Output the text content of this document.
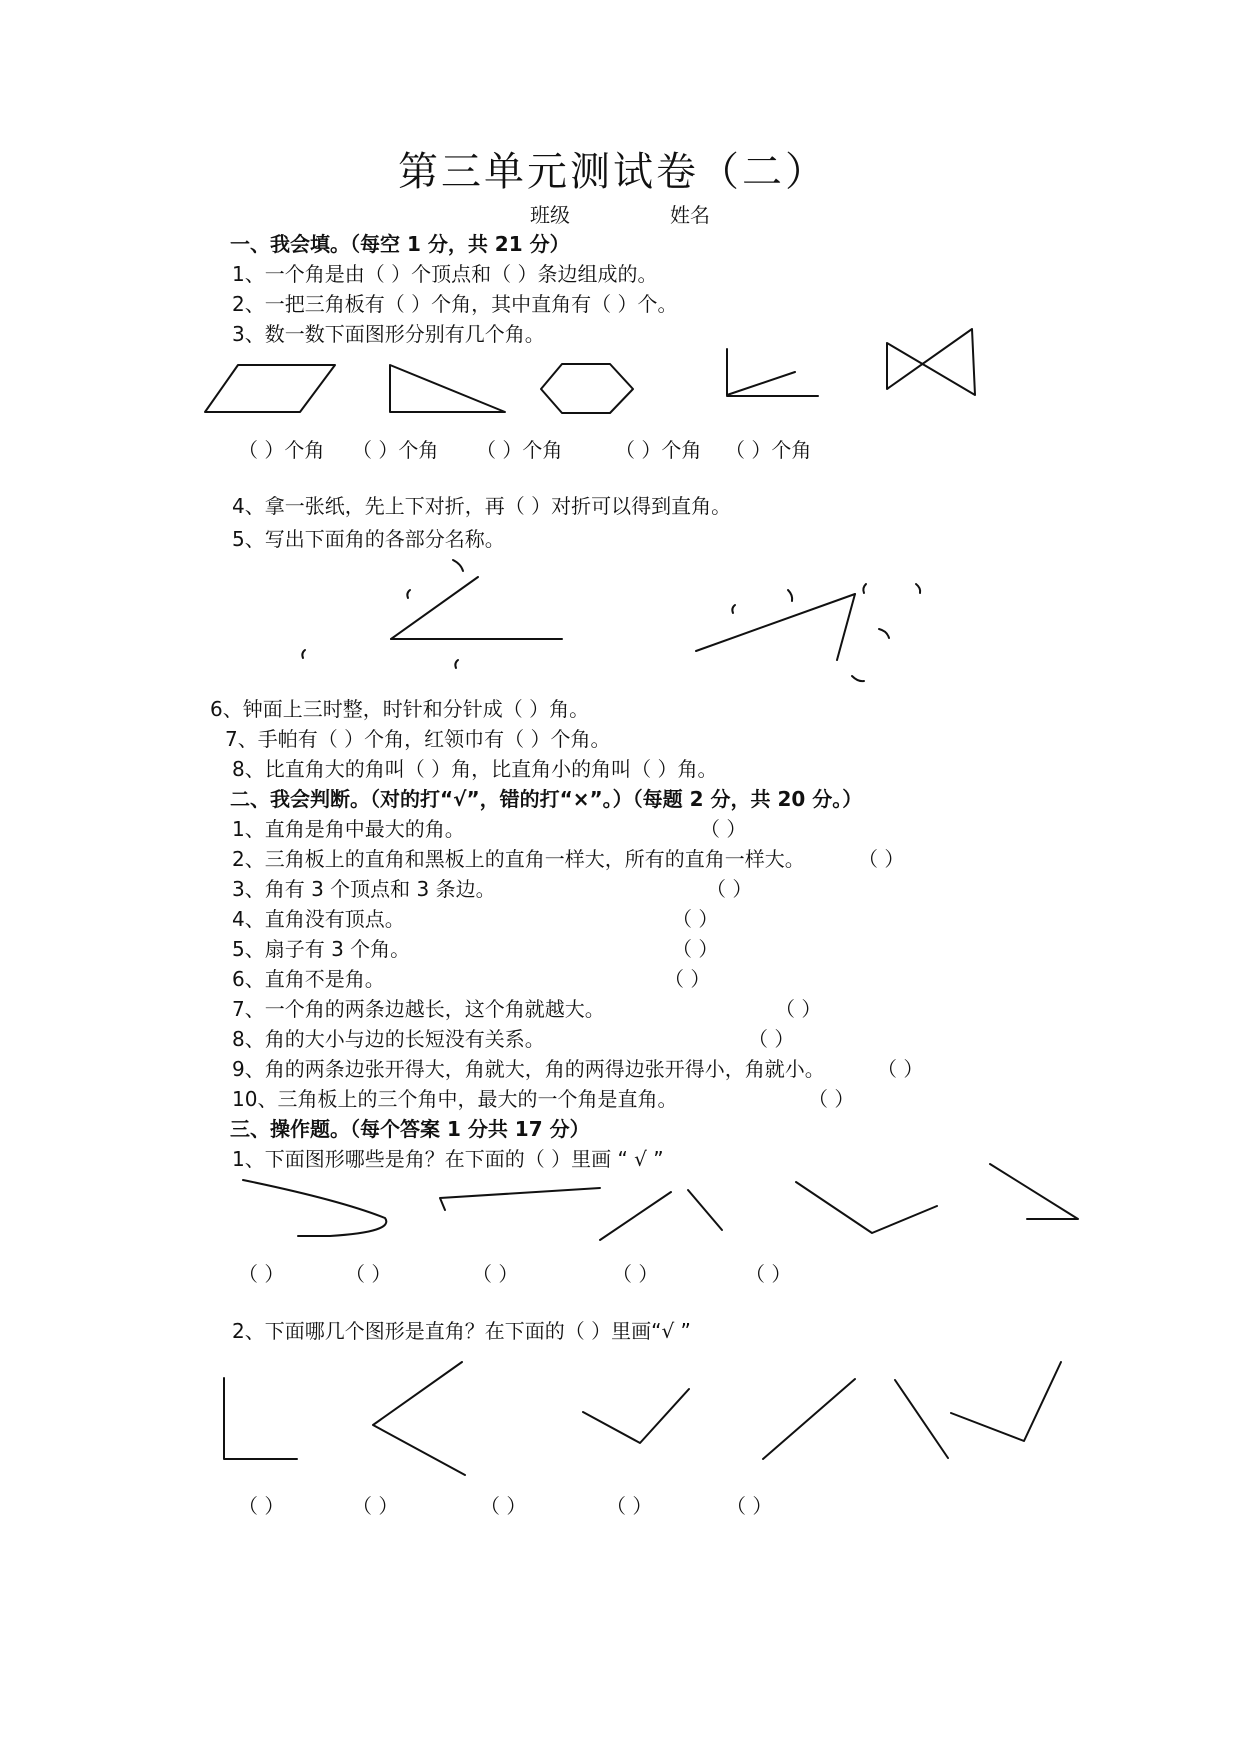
第三单元测试卷（二）
班级	姓名
一、我会填。（每空 1 分，共 21 分）
1、一个角是由（ ）个顶点和（ ）条边组成的。
2、一把三角板有（ ）个角，其中直角有（ ）个。
3、数一数下面图形分别有几个角。
（ ）个角 （ ）个角 （ ）个角	（ ）个角 （ ）个角
4、拿一张纸，先上下对折，再（ ）对折可以得到直角。
5、写出下面角的各部分名称。
6、钟面上三时整，时针和分针成（ ）角。
7、手帕有（ ）个角，红领巾有（ ）个角。
8、比直角大的角叫（ ）角，比直角小的角叫（ ）角。
二、我会判断。（对的打“√”，错的打“×”。）（每题 2 分，共 20 分。）
1、直角是角中最大的角。	（ ）
2、三角板上的直角和黑板上的直角一样大，所有的直角一样大。	（ ）
3、角有 3 个顶点和 3 条边。	（ ）
4、直角没有顶点。	（ ）
5、扇子有 3 个角。	（ ）
6、直角不是角。	（ ）
7、一个角的两条边越长，这个角就越大。	（ ）
8、角的大小与边的长短没有关系。	（ ）
9、角的两条边张开得大，角就大，角的两得边张开得小，角就小。	（ ）
10、三角板上的三个角中，最大的一个角是直角。	（ ）
三、操作题。（每个答案 1 分共 17 分）
1、下面图形哪些是角？在下面的（ ）里画 “ √ ”
（ ）	（ ）	（ ）	（ ）	（ ）
2、下面哪几个图形是直角？在下面的（ ）里画“√ ”
（ ）	（ ）	（ ）	（ ）	（ ）
